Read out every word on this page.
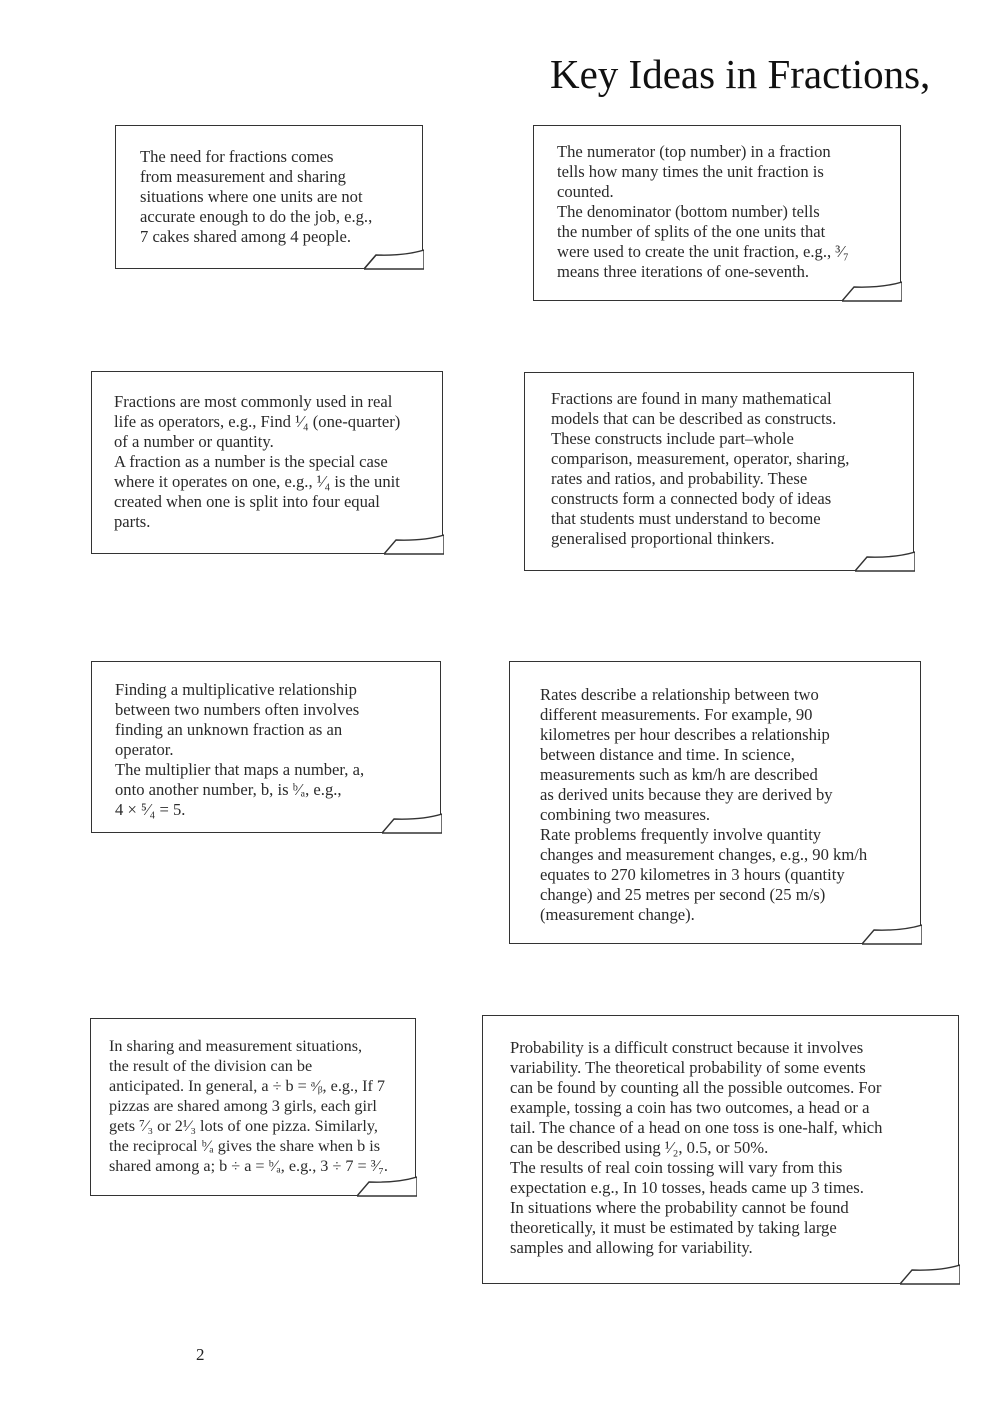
Key Ideas in Fractions,
The need for fractions comes
from measurement and sharing
situations where one units are not
accurate enough to do the job, e.g.,
7 cakes shared among 4 people.
The numerator (top number) in a fraction
tells how many times the unit fraction is
counted.
The denominator (bottom number) tells
the number of splits of the one units that
were used to create the unit fraction, e.g., ³⁄₇
means three iterations of one-seventh.
Fractions are most commonly used in real
life as operators, e.g., Find ¹⁄₄ (one-quarter)
of a number or quantity.
A fraction as a number is the special case
where it operates on one, e.g., ¹⁄₄ is the unit
created when one is split into four equal
parts.
Fractions are found in many mathematical
models that can be described as constructs.
These constructs include part–whole
comparison, measurement, operator, sharing,
rates and ratios, and probability. These
constructs form a connected body of ideas
that students must understand to become
generalised proportional thinkers.
Finding a multiplicative relationship
between two numbers often involves
finding an unknown fraction as an
operator.
The multiplier that maps a number, a,
onto another number, b, is ᵇ⁄ₐ, e.g.,
4 × ⁵⁄₄ = 5.
Rates describe a relationship between two
different measurements. For example, 90
kilometres per hour describes a relationship
between distance and time. In science,
measurements such as km/h are described
as derived units because they are derived by
combining two measures.
Rate problems frequently involve quantity
changes and measurement changes, e.g., 90 km/h
equates to 270 kilometres in 3 hours (quantity
change) and 25 metres per second (25 m/s)
(measurement change).
In sharing and measurement situations,
the result of the division can be
anticipated. In general, a ÷ b = ᵃ⁄ᵦ, e.g., If 7
pizzas are shared among 3 girls, each girl
gets ⁷⁄₃ or 2¹⁄₃ lots of one pizza. Similarly,
the reciprocal ᵇ⁄ₐ gives the share when b is
shared among a; b ÷ a = ᵇ⁄ₐ, e.g., 3 ÷ 7 = ³⁄₇.
Probability is a difficult construct because it involves
variability. The theoretical probability of some events
can be found by counting all the possible outcomes. For
example, tossing a coin has two outcomes, a head or a
tail. The chance of a head on one toss is one-half, which
can be described using ¹⁄₂, 0.5, or 50%.
The results of real coin tossing will vary from this
expectation e.g., In 10 tosses, heads came up 3 times.
In situations where the probability cannot be found
theoretically, it must be estimated by taking large
samples and allowing for variability.
2
